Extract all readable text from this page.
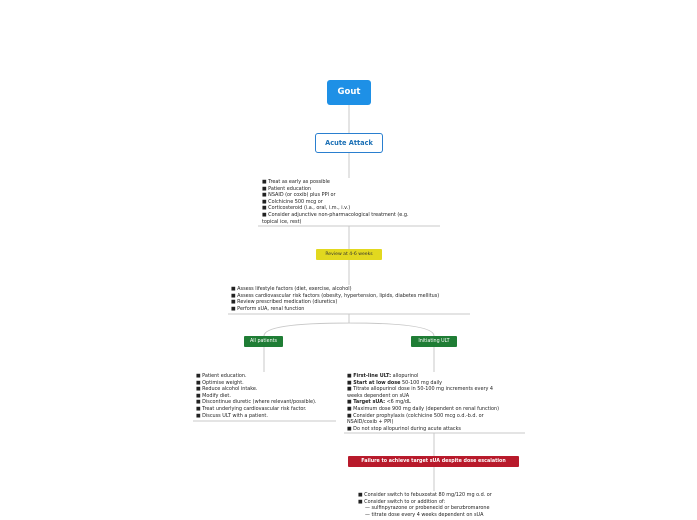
Gout
Acute Attack
■ Treat as early as possible
■ Patient education
■ NSAID (or coxib) plus PPI or
■ Colchicine 500 mcg or
■ Corticosteroid (i.a., oral, i.m., i.v.)
■ Consider adjunctive non-pharmacological treatment (e.g.
topical ice, rest)
Review at 4-6 weeks
■ Assess lifestyle factors (diet, exercise, alcohol)
■ Assess cardiovascular risk factors (obesity, hypertension, lipids, diabetes mellitus)
■ Review prescribed medication (diuretics)
■ Perform sUA, renal function
All patients	Initiating ULT
■ Patient education.
■ Optimise weight.
■ Reduce alcohol intake.
■ Modify diet.
■ Discontinue diuretic (where relevant/possible).
■ Treat underlying cardiovascular risk factor.
■ Discuss ULT with a patient.
■ First-line ULT: allopurinol
■ Start at low dose 50-100 mg daily
■ Titrate allopurinol dose in 50-100 mg increments every 4
weeks dependent on sUA
■ Target sUA: <6 mg/dL
■ Maximum dose 900 mg daily (dependent on renal function)
■ Consider prophylaxis (colchicine 500 mcg o.d.-b.d. or
NSAID/coxib + PPI)
■ Do not stop allopurinol during acute attacks
Failure to achieve target sUA despite dose escalation
■ Consider switch to febuxostat 80 mg/120 mg o.d. or
■ Consider switch to or addition of:
— sulfinpyrazone or probenecid or benzbromarone
— titrate dose every 4 weeks dependent on sUA
